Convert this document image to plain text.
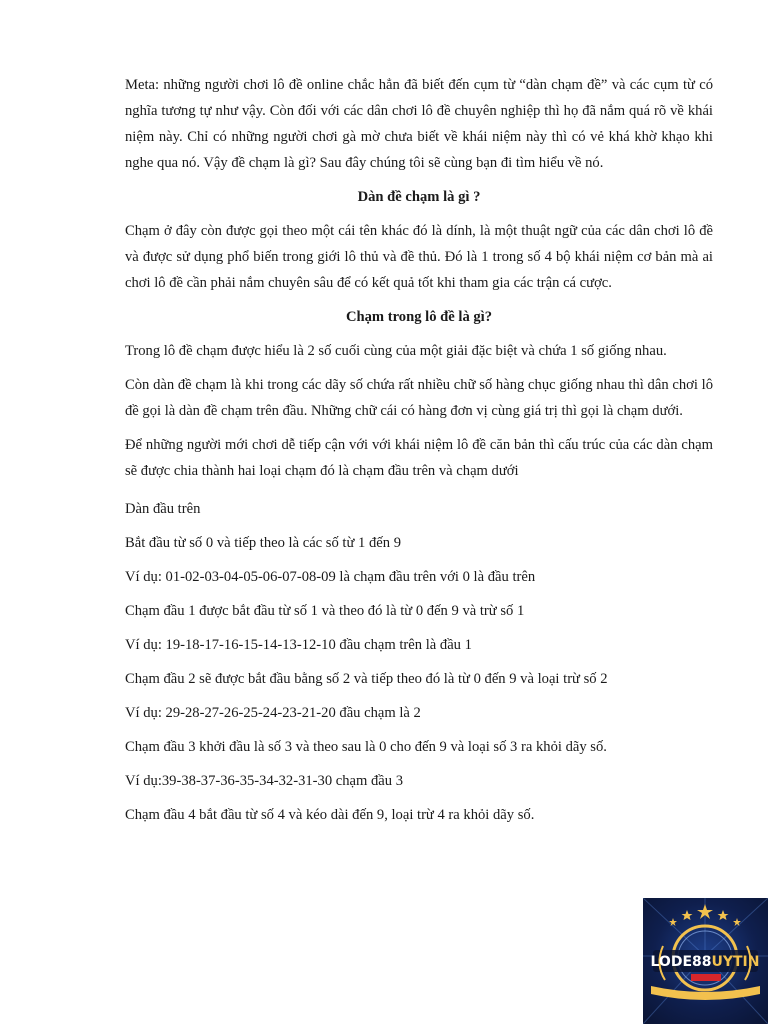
Meta: những người chơi lô đề online chắc hẳn đã biết đến cụm từ “dàn chạm đề” và các cụm từ có nghĩa tương tự như vậy. Còn đối với các dân chơi lô đề chuyên nghiệp thì họ đã nắm quá rõ về khái niệm này. Chỉ có những người chơi gà mờ chưa biết về khái niệm này thì có vẻ khá khờ khạo khi nghe qua nó. Vậy đề chạm là gì? Sau đây chúng tôi sẽ cùng bạn đi tìm hiểu về nó.

Dàn đề chạm là gì ?

Chạm ở đây còn được gọi theo một cái tên khác đó là dính, là một thuật ngữ của các dân chơi lô đề và được sử dụng phổ biến trong giới lô thủ và đề thủ. Đó là 1 trong số 4 bộ khái niệm cơ bản mà ai chơi lô đề cần phải nắm chuyên sâu để có kết quả tốt khi tham gia các trận cá cược.

Chạm trong lô đề là gì?

Trong lô đề chạm được hiểu là 2 số cuối cùng của một giải đặc biệt và chứa 1 số giống nhau.

Còn dàn đề chạm là khi trong các dãy số chứa rất nhiều chữ số hàng chục giống nhau thì dân chơi lô đề gọi là dàn đề chạm trên đầu. Những chữ cái có hàng đơn vị cùng giá trị thì gọi là chạm dưới.

Để những người mới chơi dễ tiếp cận với với khái niệm lô đề căn bản thì cấu trúc của các dàn chạm sẽ được chia thành hai loại chạm đó là chạm đầu trên và chạm dưới

Dàn đầu trên

Bắt đầu từ số 0 và tiếp theo là các số từ 1 đến 9

Ví dụ: 01-02-03-04-05-06-07-08-09 là chạm đầu trên với 0 là đầu trên

Chạm đầu 1 được bắt đầu từ số 1 và theo đó là từ 0 đến 9 và trừ số 1

Ví dụ: 19-18-17-16-15-14-13-12-10 đầu chạm trên là đầu 1

Chạm đầu 2 sẽ được bắt đầu bằng số 2 và tiếp theo đó là từ 0 đến 9 và loại trừ số 2

Ví dụ: 29-28-27-26-25-24-23-21-20 đầu chạm là 2

Chạm đầu 3 khởi đầu là số 3 và theo sau là 0 cho đến 9 và loại số 3 ra khỏi dãy số.

Ví dụ:39-38-37-36-35-34-32-31-30 chạm đầu 3

Chạm đầu 4 bắt đầu từ số 4 và kéo dài đến 9, loại trừ 4 ra khỏi dãy số.

LODE88UYTIN
